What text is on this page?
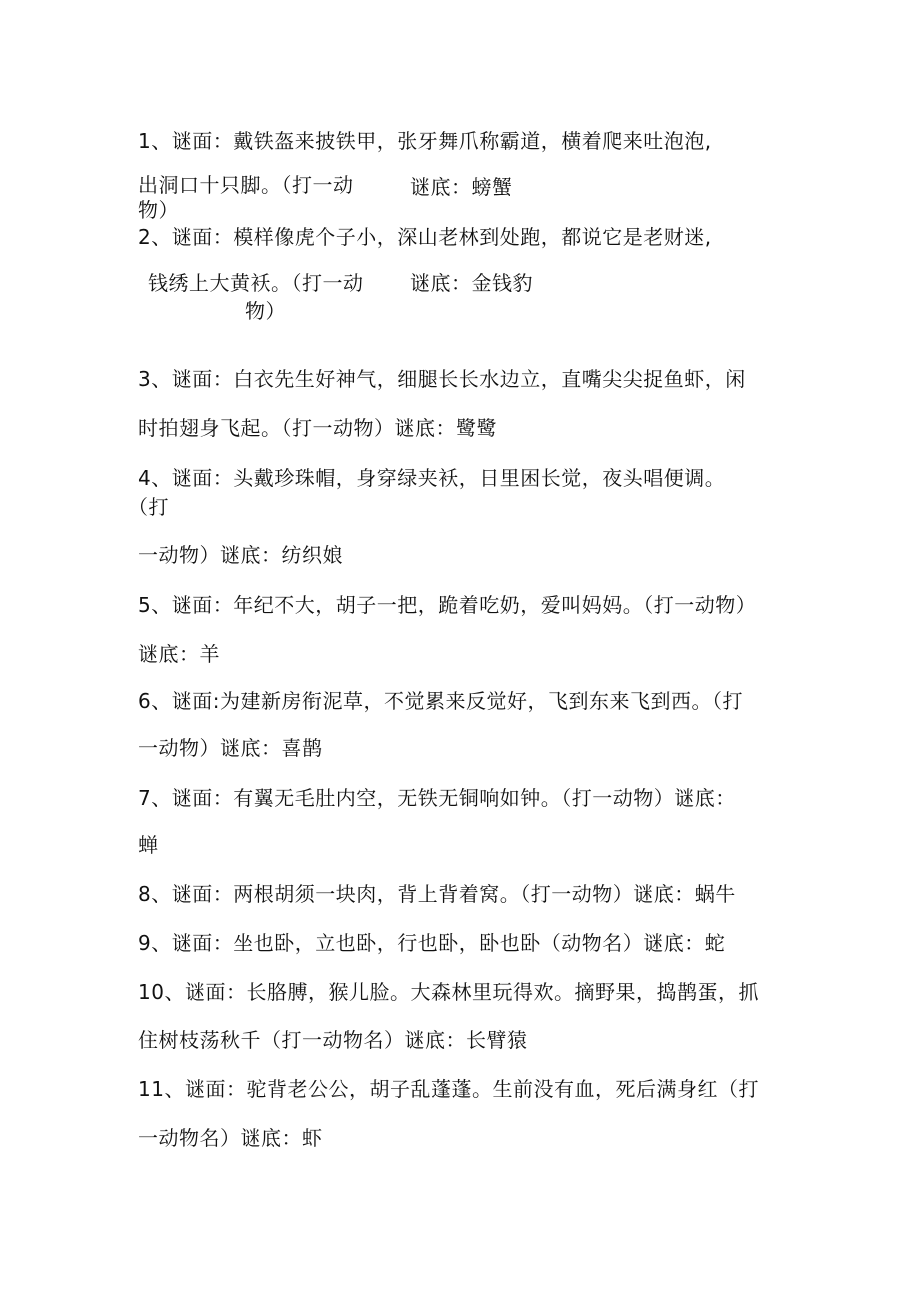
1、谜面：戴铁盔来披铁甲，张牙舞爪称霸道，横着爬来吐泡泡,
出洞口十只脚。（打一动	谜底：螃蟹
物）
2、谜面：模样像虎个子小，深山老林到处跑，都说它是老财迷,
钱绣上大黄袄。（打一动 谜底：金钱豹
物）
3、谜面：白衣先生好神气，细腿长长水边立，直嘴尖尖捉鱼虾，闲
时拍翅身飞起。（打一动物）谜底：鹭鹭
4、谜面：头戴珍珠帽，身穿绿夹袄，日里困长觉，夜头唱便调。
（打
一动物）谜底：纺织娘
5、谜面：年纪不大，胡子一把，跪着吃奶，爱叫妈妈。（打一动物）
谜底：羊
6、谜面:为建新房衔泥草，不觉累来反觉好，飞到东来飞到西。（打
一动物）谜底：喜鹊
7、谜面：有翼无毛肚内空，无铁无铜响如钟。（打一动物）谜底：
蝉
8、谜面：两根胡须一块肉，背上背着窝。（打一动物）谜底：蜗牛
9、谜面：坐也卧，立也卧，行也卧，卧也卧（动物名）谜底：蛇
10、谜面：长胳膊，猴儿脸。大森林里玩得欢。摘野果，捣鹊蛋，抓
住树枝荡秋千（打一动物名）谜底：长臂猿
11、谜面：驼背老公公，胡子乱蓬蓬。生前没有血，死后满身红（打
一动物名）谜底：虾
